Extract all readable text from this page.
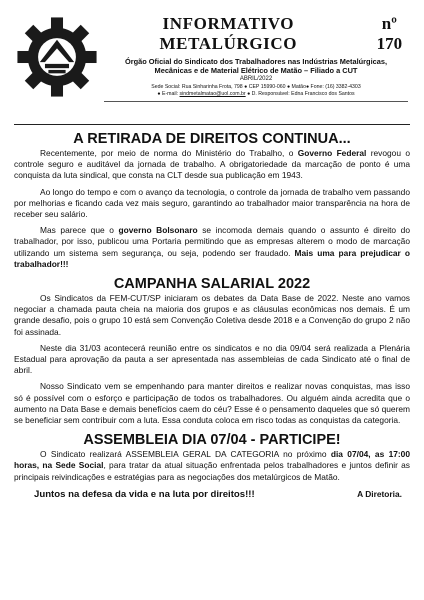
INFORMATIVO METALÚRGICO
nº 170
Órgão Oficial do Sindicato dos Trabalhadores nas Indústrias Metalúrgicas,
Mecânicas e de Material Elétrico de Matão – Filiado a CUT
ABRIL/2022
Sede Social: Rua Sinharinha Frota, 798 ● CEP 15990-060 ● Matão● Fone: (16) 3382-4303
● E-mail: sindmetalmatao@uol.com.br ● D. Responsável: Edna Francisco dos Santos
A RETIRADA DE DIREITOS CONTINUA...

Recentemente, por meio de norma do Ministério do Trabalho, o Governo Federal revogou o controle seguro e auditável da jornada de trabalho. A obrigatoriedade da marcação de ponto é uma conquista da luta sindical, que consta na CLT desde sua publicação em 1943.

Ao longo do tempo e com o avanço da tecnologia, o controle da jornada de trabalho vem passando por melhorias e ficando cada vez mais seguro, garantindo ao trabalhador maior transparência na hora de receber seu salário.

Mas parece que o governo Bolsonaro se incomoda demais quando o assunto é direito do trabalhador, por isso, publicou uma Portaria permitindo que as empresas alterem o modo de marcação utilizando um sistema sem segurança, ou seja, podendo ser fraudado. Mais uma para prejudicar o trabalhador!!!

CAMPANHA SALARIAL 2022

Os Sindicatos da FEM-CUT/SP iniciaram os debates da Data Base de 2022. Neste ano vamos negociar a chamada pauta cheia na maioria dos grupos e as cláusulas econômicas nos demais. É um grande desafio, pois o grupo 10 está sem Convenção Coletiva desde 2018 e a Convenção do grupo 2 não foi assinada.

Neste dia 31/03 acontecerá reunião entre os sindicatos e no dia 09/04 será realizada a Plenária Estadual para aprovação da pauta a ser apresentada nas assembleias de cada Sindicato até o final de abril.

Nosso Sindicato vem se empenhando para manter direitos e realizar novas conquistas, mas isso só é possível com o esforço e participação de todos os trabalhadores. Ou alguém ainda acredita que o aumento na Data Base e demais benefícios caem do céu? Esse é o pensamento daqueles que só querem se beneficiar sem contribuir com a luta. Essa conduta coloca em risco todas as conquistas da categoria.

ASSEMBLEIA DIA 07/04 - PARTICIPE!

O Sindicato realizará ASSEMBLEIA GERAL DA CATEGORIA no próximo dia 07/04, as 17:00 horas, na Sede Social, para tratar da atual situação enfrentada pelos trabalhadores e juntos definir as principais reivindicações e estratégias para as negociações dos metalúrgicos de Matão.

Juntos na defesa da vida e na luta por direitos!!!	A Diretoria.
